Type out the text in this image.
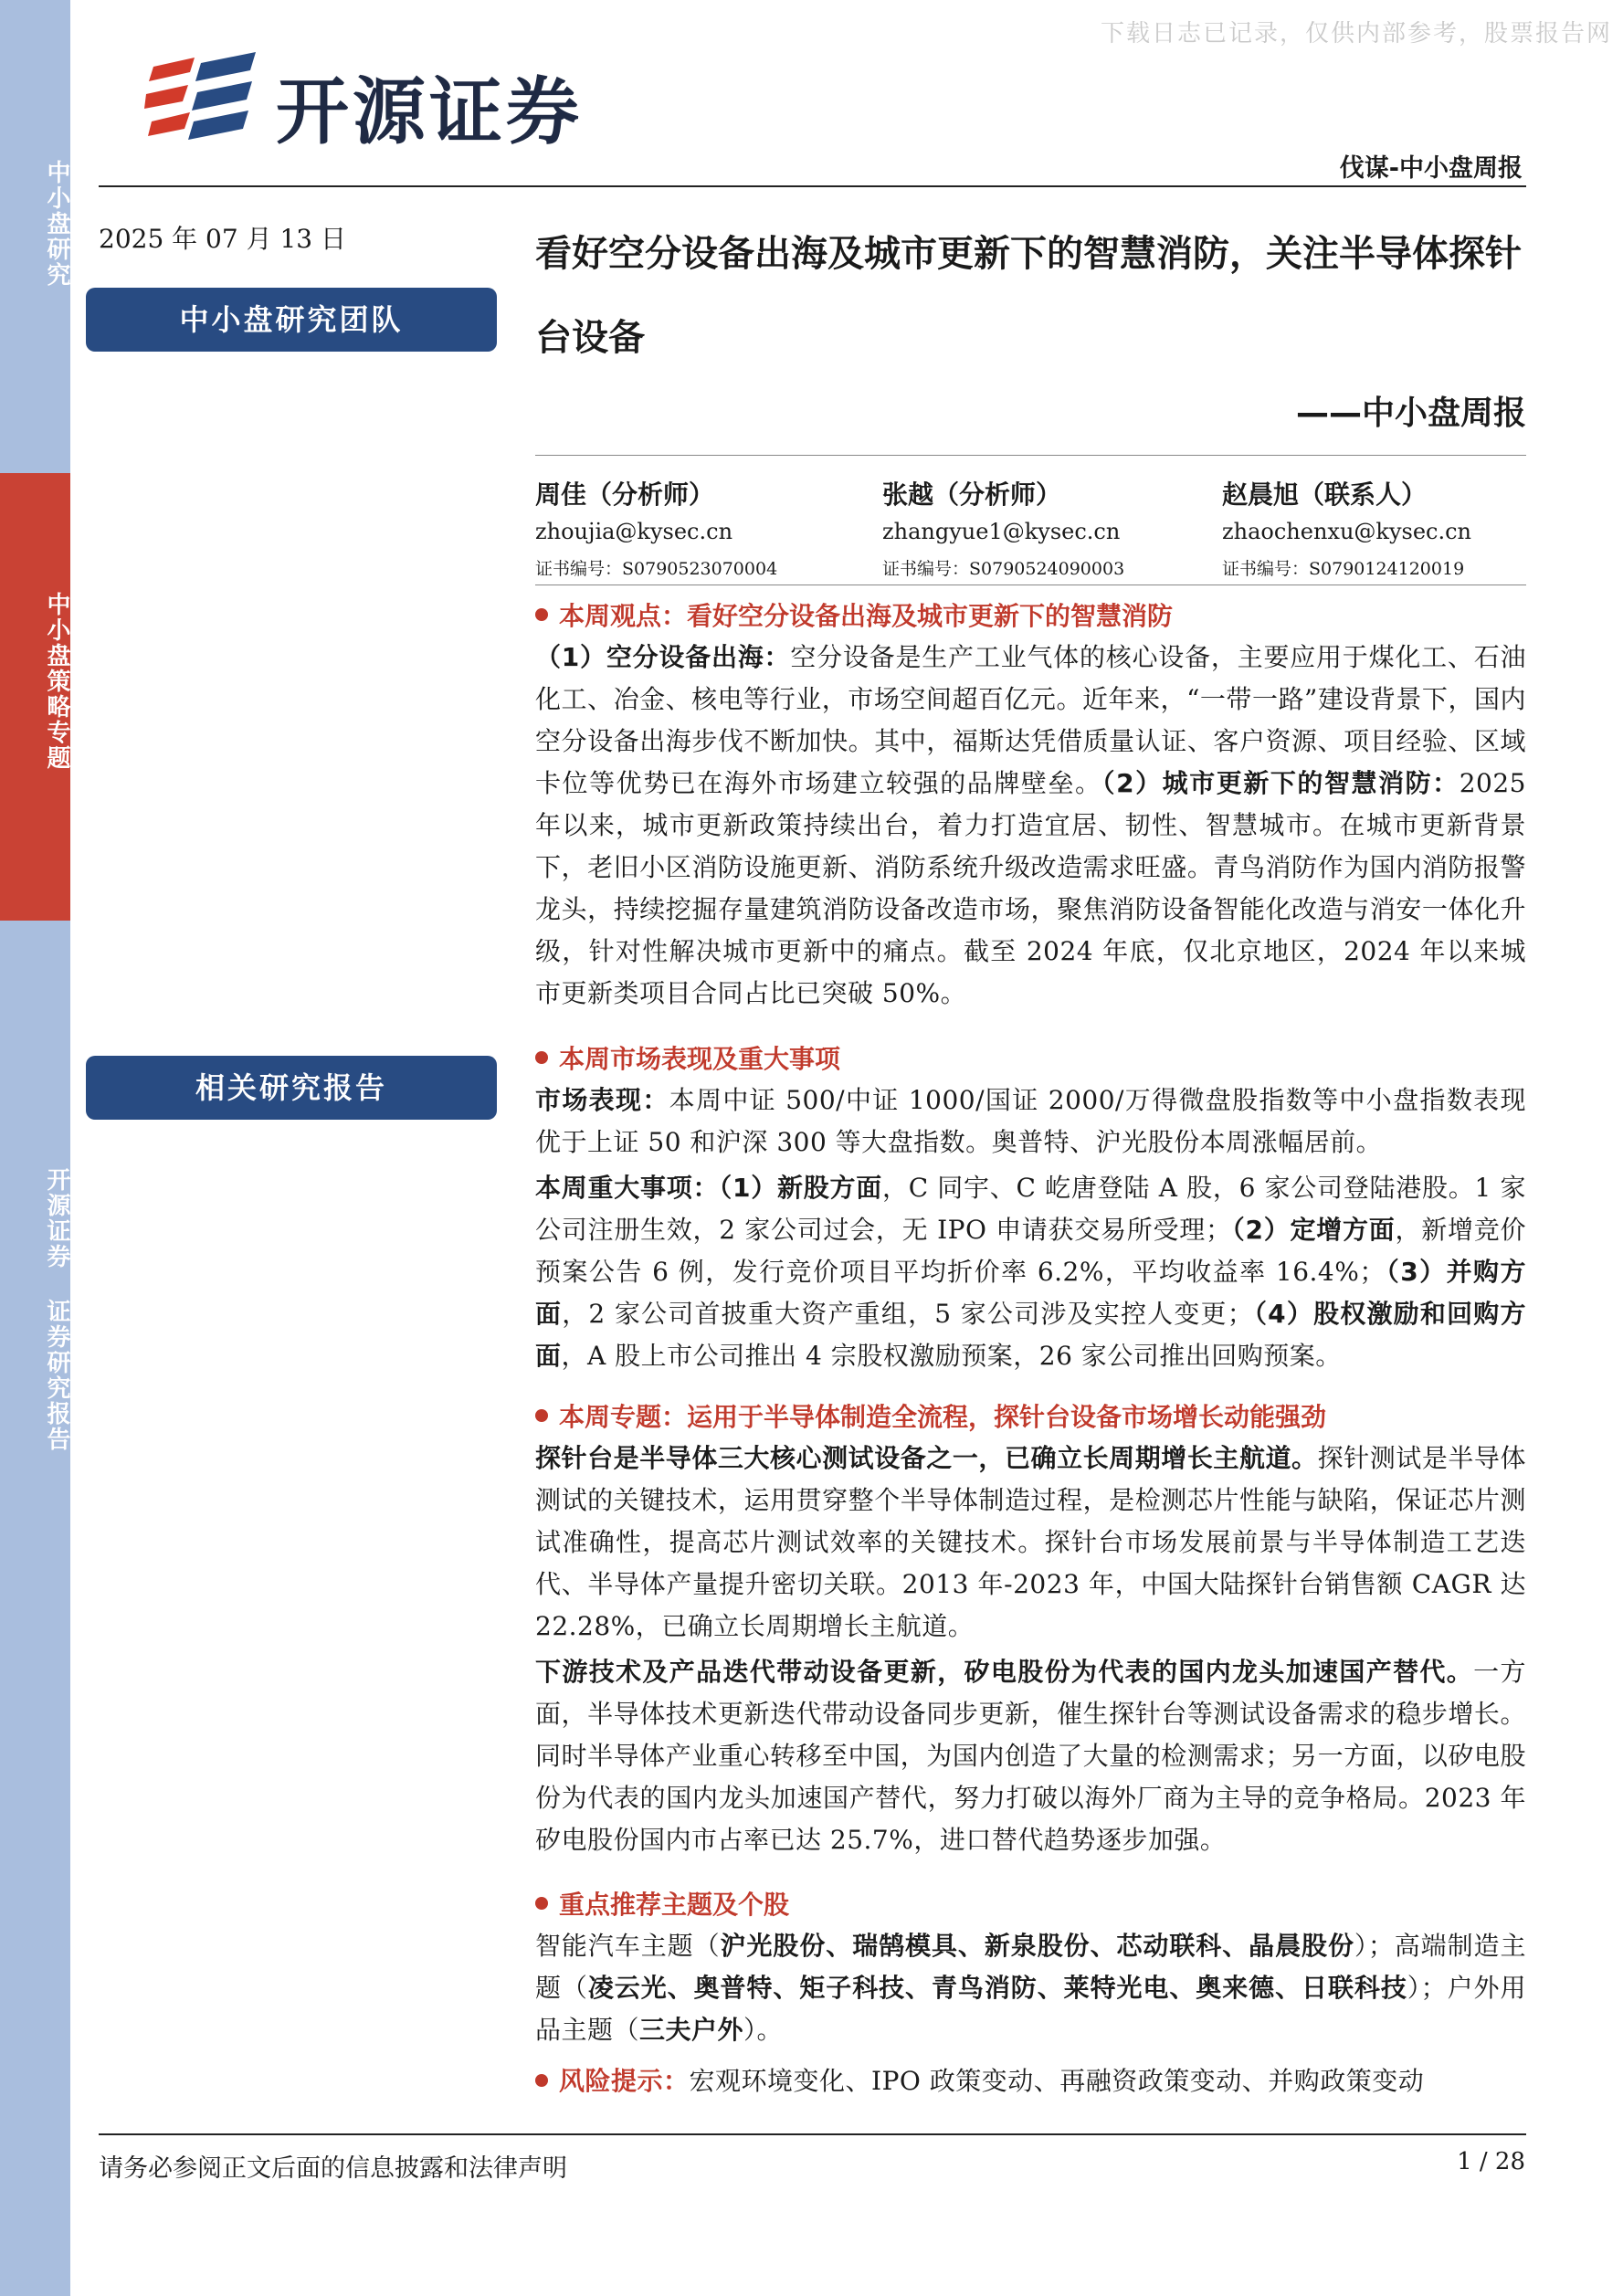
中小盘研究
中小盘策略专题
开源证券 证券研究报告
下载日志已记录，仅供内部参考，股票报告网
开源证券
伐谋-中小盘周报
2025 年 07 月 13 日
中小盘研究团队
相关研究报告
看好空分设备出海及城市更新下的智慧消防，关注半导体探针台设备
——中小盘周报
周佳（分析师）
zhoujia@kysec.cn
证书编号：S0790523070004
张越（分析师）
zhangyue1@kysec.cn
证书编号：S0790524090003
赵晨旭（联系人）
zhaochenxu@kysec.cn
证书编号：S0790124120019
本周观点：看好空分设备出海及城市更新下的智慧消防
（1）空分设备出海：空分设备是生产工业气体的核心设备，主要应用于煤化工、石油化工、冶金、核电等行业，市场空间超百亿元。近年来，“一带一路”建设背景下，国内空分设备出海步伐不断加快。其中，福斯达凭借质量认证、客户资源、项目经验、区域卡位等优势已在海外市场建立较强的品牌壁垒。（2）城市更新下的智慧消防：2025 年以来，城市更新政策持续出台，着力打造宜居、韧性、智慧城市。在城市更新背景下，老旧小区消防设施更新、消防系统升级改造需求旺盛。青鸟消防作为国内消防报警龙头，持续挖掘存量建筑消防设备改造市场，聚焦消防设备智能化改造与消安一体化升级，针对性解决城市更新中的痛点。截至 2024 年底，仅北京地区，2024 年以来城市更新类项目合同占比已突破 50%。
本周市场表现及重大事项
市场表现：本周中证 500/中证 1000/国证 2000/万得微盘股指数等中小盘指数表现优于上证 50 和沪深 300 等大盘指数。奥普特、沪光股份本周涨幅居前。
本周重大事项：（1）新股方面，C 同宇、C 屹唐登陆 A 股，6 家公司登陆港股。1 家公司注册生效，2 家公司过会，无 IPO 申请获交易所受理；（2）定增方面，新增竞价预案公告 6 例，发行竞价项目平均折价率 6.2%，平均收益率 16.4%；（3）并购方面，2 家公司首披重大资产重组，5 家公司涉及实控人变更；（4）股权激励和回购方面，A 股上市公司推出 4 宗股权激励预案，26 家公司推出回购预案。
本周专题：运用于半导体制造全流程，探针台设备市场增长动能强劲
探针台是半导体三大核心测试设备之一，已确立长周期增长主航道。探针测试是半导体测试的关键技术，运用贯穿整个半导体制造过程，是检测芯片性能与缺陷，保证芯片测试准确性，提高芯片测试效率的关键技术。探针台市场发展前景与半导体制造工艺迭代、半导体产量提升密切关联。2013 年-2023 年，中国大陆探针台销售额 CAGR 达 22.28%，已确立长周期增长主航道。
下游技术及产品迭代带动设备更新，矽电股份为代表的国内龙头加速国产替代。一方面，半导体技术更新迭代带动设备同步更新，催生探针台等测试设备需求的稳步增长。同时半导体产业重心转移至中国，为国内创造了大量的检测需求；另一方面，以矽电股份为代表的国内龙头加速国产替代，努力打破以海外厂商为主导的竞争格局。2023 年矽电股份国内市占率已达 25.7%，进口替代趋势逐步加强。
重点推荐主题及个股
智能汽车主题（沪光股份、瑞鹄模具、新泉股份、芯动联科、晶晨股份）；高端制造主题（凌云光、奥普特、矩子科技、青鸟消防、莱特光电、奥来德、日联科技）；户外用品主题（三夫户外）。
风险提示：宏观环境变化、IPO 政策变动、再融资政策变动、并购政策变动
请务必参阅正文后面的信息披露和法律声明	1 / 28
